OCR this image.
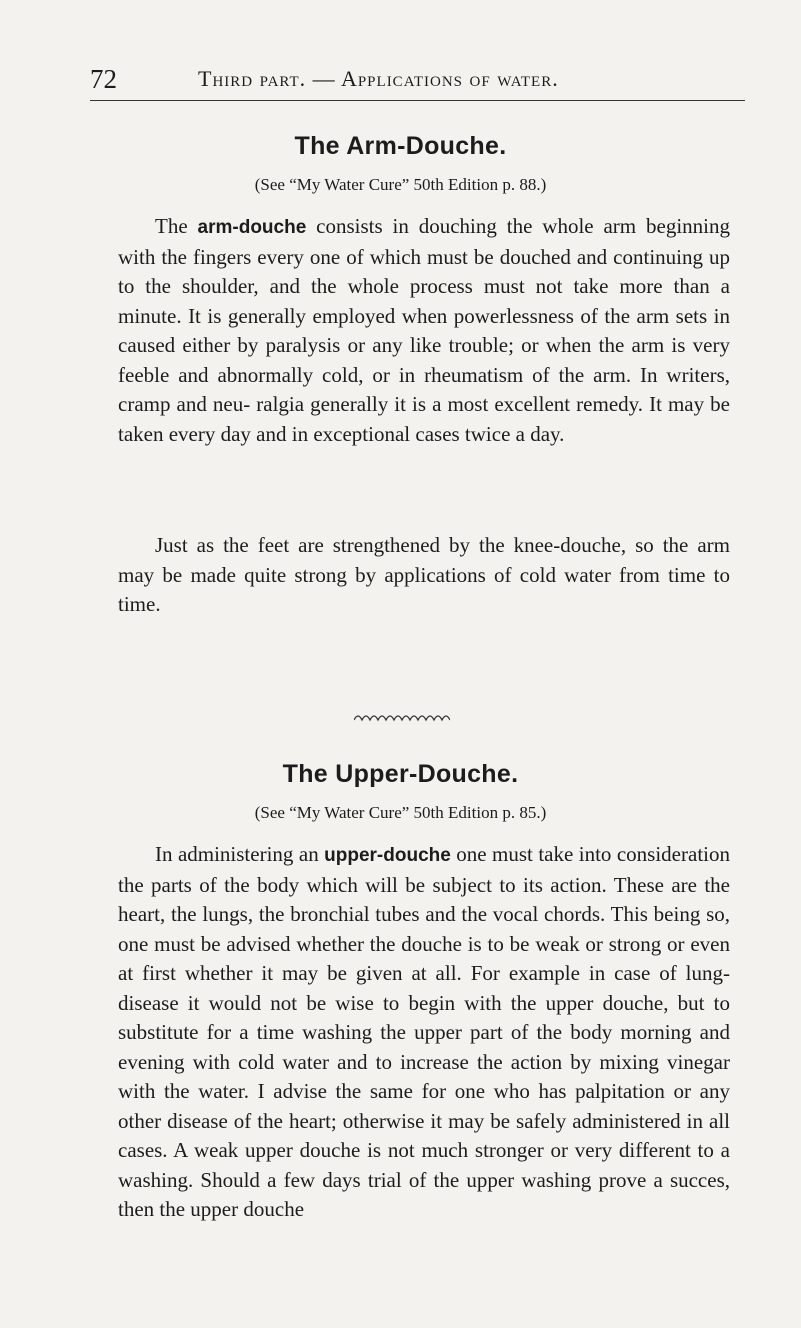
72	Third part. — Applications of water.
The Arm-Douche.
(See “My Water Cure” 50th Edition p. 88.)

The arm-douche consists in douching the whole arm beginning with the fingers every one of which must be douched and continuing up to the shoulder, and the whole process must not take more than a minute. It is generally employed when powerlessness of the arm sets in caused either by paralysis or any like trouble; or when the arm is very feeble and abnormally cold, or in rheumatism of the arm. In writers, cramp and neu- ralgia generally it is a most excellent remedy. It may be taken every day and in exceptional cases twice a day.

Just as the feet are strengthened by the knee-douche, so the arm may be made quite strong by applications of cold water from time to time.

The Upper-Douche.
(See “My Water Cure” 50th Edition p. 85.)

In administering an upper-douche one must take into consideration the parts of the body which will be subject to its action. These are the heart, the lungs, the bronchial tubes and the vocal chords. This being so, one must be advised whether the douche is to be weak or strong or even at first whether it may be given at all. For example in case of lung-disease it would not be wise to begin with the upper douche, but to substitute for a time washing the upper part of the body morning and evening with cold water and to increase the action by mixing vinegar with the water. I advise the same for one who has palpitation or any other disease of the heart; otherwise it may be safely administered in all cases. A weak upper douche is not much stronger or very different to a washing. Should a few days trial of the upper washing prove a succes, then the upper douche
